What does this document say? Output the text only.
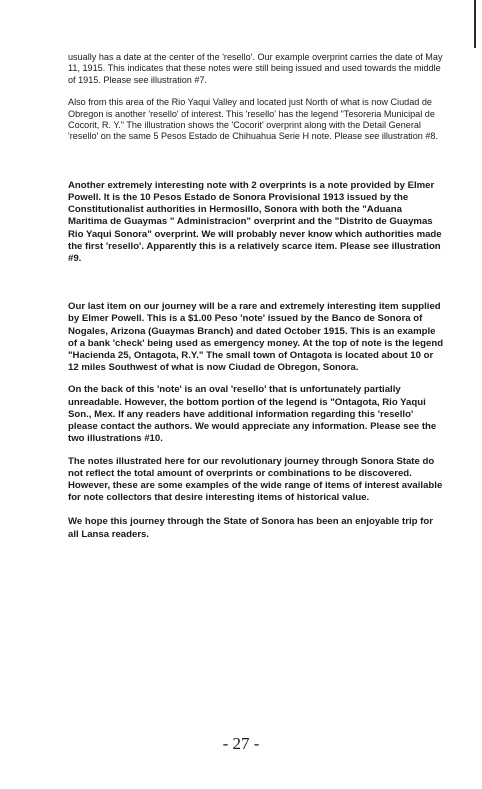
usually has a date at the center of the 'resello'. Our example overprint carries the date of May 11, 1915. This indicates that these notes were still being issued and used towards the middle of 1915. Please see illustration #7.

Also from this area of the Rio Yaqui Valley and located just North of what is now Ciudad de Obregon is another 'resello' of interest. This 'resello' has the legend "Tesoreria Municipal de Cocorit, R. Y." The illustration shows the 'Cocorit' overprint along with the Detail General 'resello' on the same 5 Pesos Estado de Chihuahua Serie H note. Please see illustration #8.

Another extremely interesting note with 2 overprints is a note provided by Elmer Powell. It is the 10 Pesos Estado de Sonora Provisional 1913 issued by the Constitutionalist authorities in Hermosillo, Sonora with both the "Aduana Maritima de Guaymas " Administracion" overprint and the "Distrito de Guaymas Rio Yaqui Sonora" overprint. We will probably never know which authorities made the first 'resello'. Apparently this is a relatively scarce item. Please see illustration #9.

Our last item on our journey will be a rare and extremely interesting item supplied by Elmer Powell. This is a $1.00 Peso 'note' issued by the Banco de Sonora of Nogales, Arizona (Guaymas Branch) and dated October 1915. This is an example of a bank 'check' being used as emergency money. At the top of note is the legend "Hacienda 25, Ontagota, R.Y." The small town of Ontagota is located about 10 or 12 miles Southwest of what is now Ciudad de Obregon, Sonora.

On the back of this 'note' is an oval 'resello' that is unfortunately partially unreadable. However, the bottom portion of the legend is "Ontagota, Rio Yaqui Son., Mex. If any readers have additional information regarding this 'resello' please contact the authors. We would appreciate any information. Please see the two illustrations #10.

The notes illustrated here for our revolutionary journey through Sonora State do not reflect the total amount of overprints or combinations to be discovered. However, these are some examples of the wide range of items of interest available for note collectors that desire interesting items of historical value.

We hope this journey through the State of Sonora has been an enjoyable trip for all Lansa readers.

- 27 -
